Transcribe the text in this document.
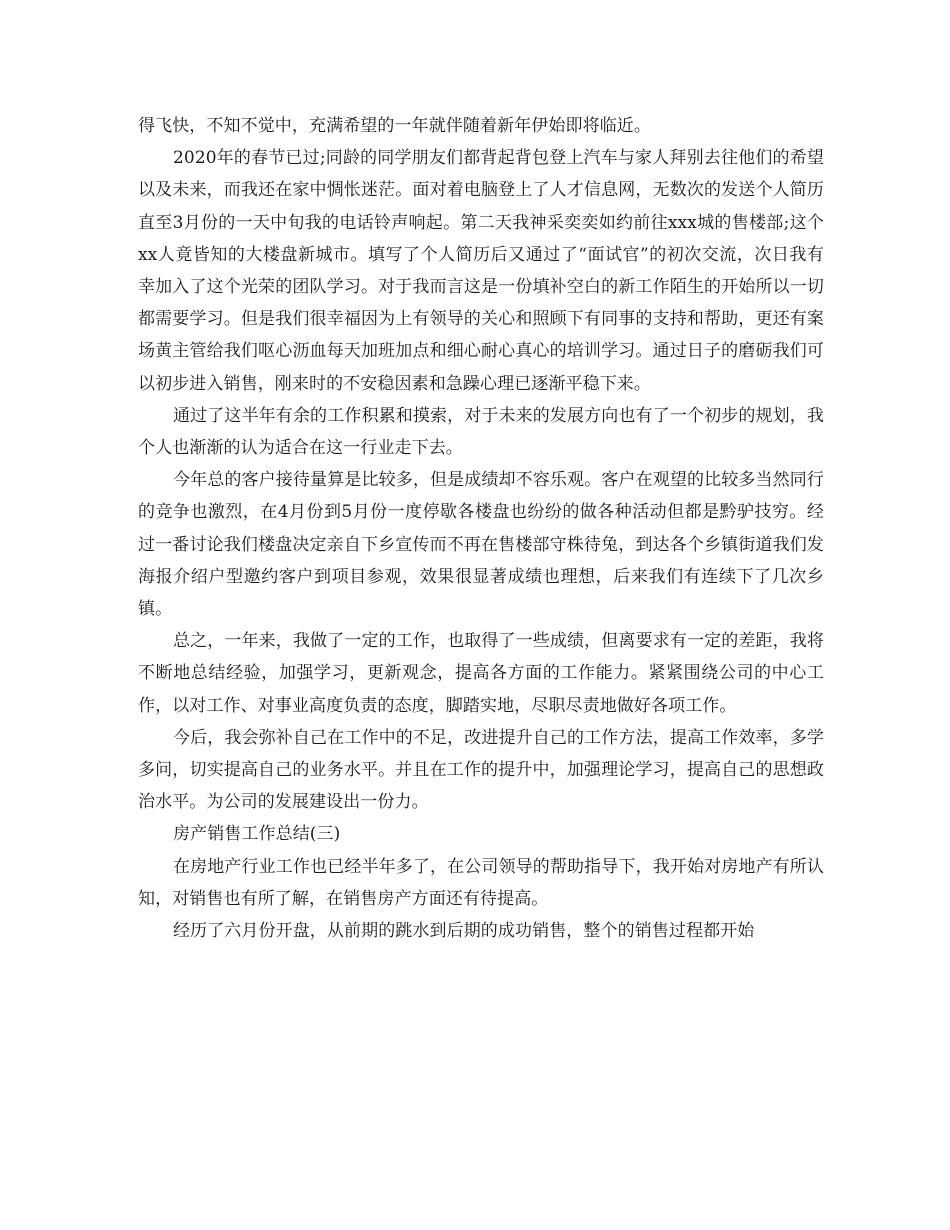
得飞快，不知不觉中，充满希望的一年就伴随着新年伊始即将临近。

2020年的春节已过;同龄的同学朋友们都背起背包登上汽车与家人拜别去往他们的希望以及未来，而我还在家中惆怅迷茫。面对着电脑登上了人才信息网，无数次的发送个人简历直至3月份的一天中旬我的电话铃声响起。第二天我神采奕奕如约前往xxx城的售楼部;这个xx人竟皆知的大楼盘新城市。填写了个人简历后又通过了“面试官”的初次交流，次日我有幸加入了这个光荣的团队学习。对于我而言这是一份填补空白的新工作陌生的开始所以一切都需要学习。但是我们很幸福因为上有领导的关心和照顾下有同事的支持和帮助，更还有案场黄主管给我们呕心沥血每天加班加点和细心耐心真心的培训学习。通过日子的磨砺我们可以初步进入销售，刚来时的不安稳因素和急躁心理已逐渐平稳下来。

通过了这半年有余的工作积累和摸索，对于未来的发展方向也有了一个初步的规划，我个人也渐渐的认为适合在这一行业走下去。

今年总的客户接待量算是比较多，但是成绩却不容乐观。客户在观望的比较多当然同行的竞争也激烈，在4月份到5月份一度停歇各楼盘也纷纷的做各种活动但都是黔驴技穷。经过一番讨论我们楼盘决定亲自下乡宣传而不再在售楼部守株待兔，到达各个乡镇街道我们发海报介绍户型邀约客户到项目参观，效果很显著成绩也理想，后来我们有连续下了几次乡镇。

总之，一年来，我做了一定的工作，也取得了一些成绩，但离要求有一定的差距，我将不断地总结经验，加强学习，更新观念，提高各方面的工作能力。紧紧围绕公司的中心工作，以对工作、对事业高度负责的态度，脚踏实地，尽职尽责地做好各项工作。

今后，我会弥补自己在工作中的不足，改进提升自己的工作方法，提高工作效率，多学多问，切实提高自己的业务水平。并且在工作的提升中，加强理论学习，提高自己的思想政治水平。为公司的发展建设出一份力。

房产销售工作总结(三)

在房地产行业工作也已经半年多了，在公司领导的帮助指导下，我开始对房地产有所认知，对销售也有所了解，在销售房产方面还有待提高。

经历了六月份开盘，从前期的跳水到后期的成功销售，整个的销售过程都开始
